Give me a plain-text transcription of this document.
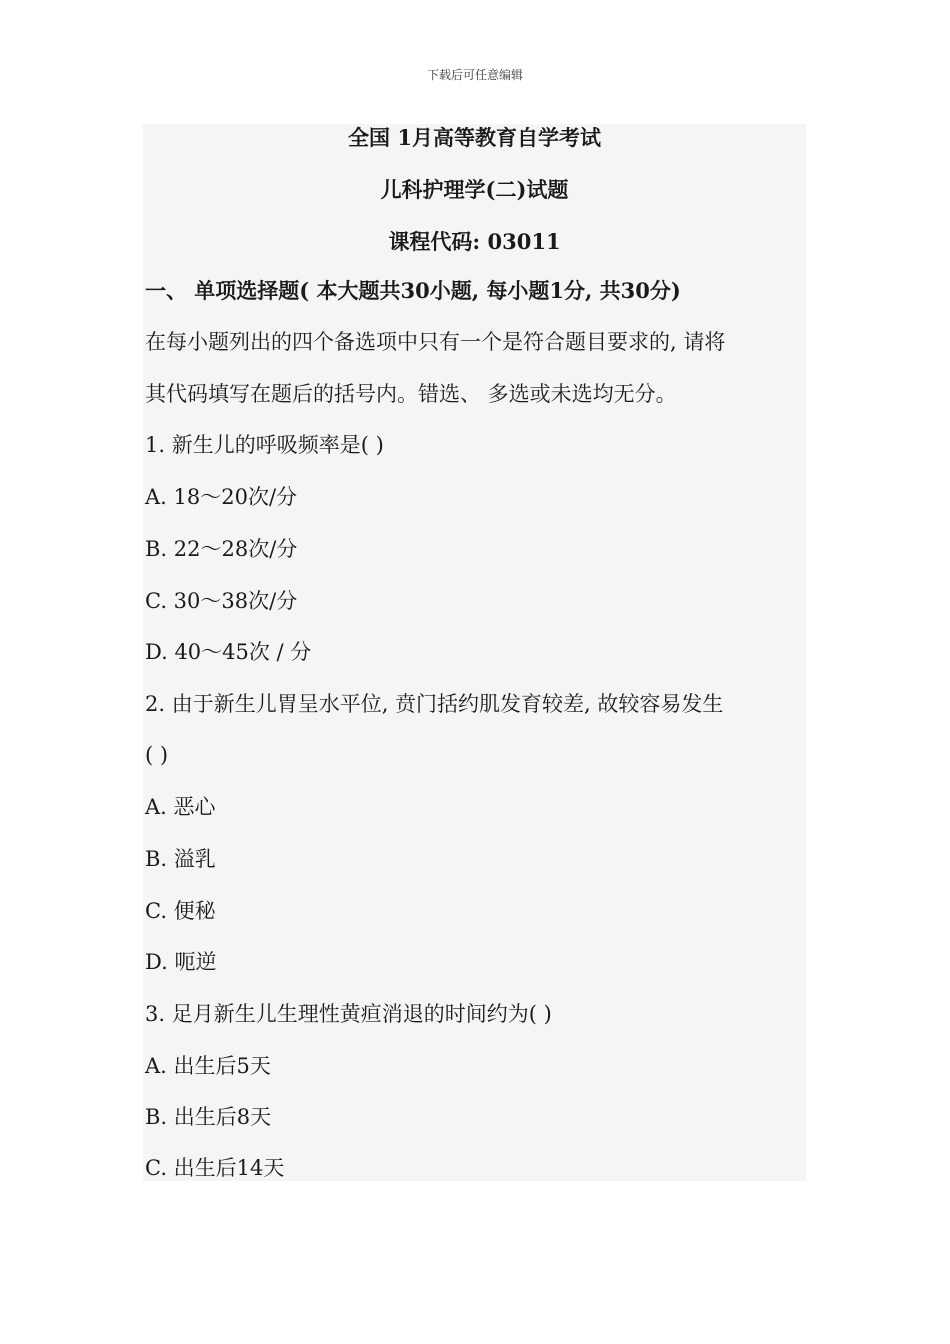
下载后可任意编辑
全国 1月高等教育自学考试
儿科护理学(二)试题
课程代码: 03011
一、 单项选择题( 本大题共30小题, 每小题1分, 共30分)
在每小题列出的四个备选项中只有一个是符合题目要求的, 请将
其代码填写在题后的括号内。错选、 多选或未选均无分。
1. 新生儿的呼吸频率是( )
A. 18～20次/分
B. 22～28次/分
C. 30～38次/分
D. 40～45次 / 分
2. 由于新生儿胃呈水平位, 贲门括约肌发育较差, 故较容易发生
( )
A. 恶心
B. 溢乳
C. 便秘
D. 呃逆
3. 足月新生儿生理性黄疸消退的时间约为( )
A. 出生后5天
B. 出生后8天
C. 出生后14天
